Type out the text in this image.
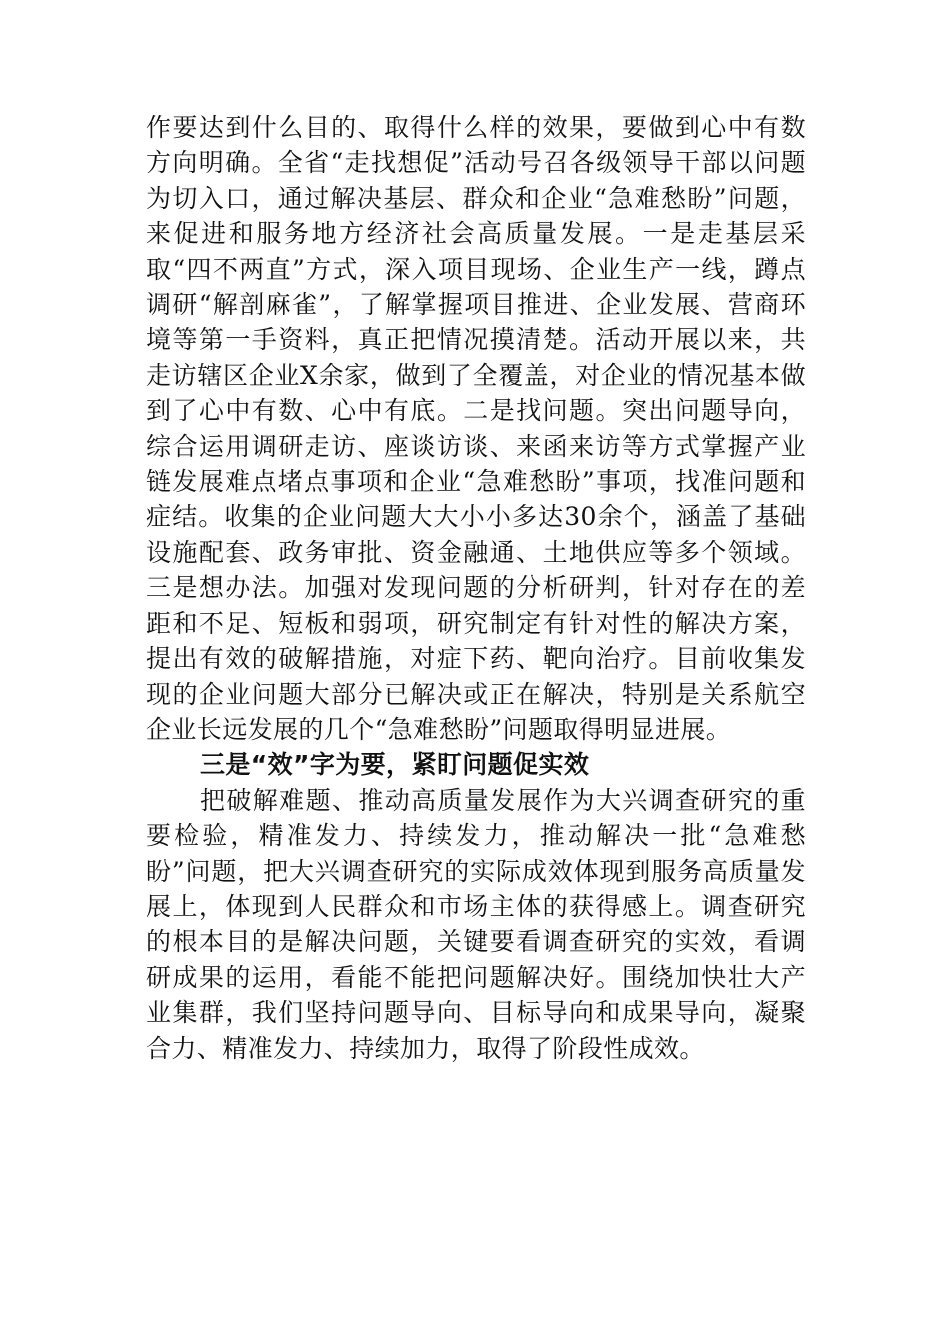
作要达到什么目的、取得什么样的效果，要做到心中有数方向明确。全省“走找想促”活动号召各级领导干部以问题为切入口，通过解决基层、群众和企业“急难愁盼”问题，来促进和服务地方经济社会高质量发展。一是走基层采取“四不两直”方式，深入项目现场、企业生产一线，蹲点调研“解剖麻雀”，了解掌握项目推进、企业发展、营商环境等第一手资料，真正把情况摸清楚。活动开展以来，共走访辖区企业X余家，做到了全覆盖，对企业的情况基本做到了心中有数、心中有底。二是找问题。突出问题导向，综合运用调研走访、座谈访谈、来函来访等方式掌握产业链发展难点堵点事项和企业“急难愁盼”事项，找准问题和症结。收集的企业问题大大小小多达30余个，涵盖了基础设施配套、政务审批、资金融通、土地供应等多个领域。三是想办法。加强对发现问题的分析研判，针对存在的差距和不足、短板和弱项，研究制定有针对性的解决方案，提出有效的破解措施，对症下药、靶向治疗。目前收集发现的企业问题大部分已解决或正在解决，特别是关系航空企业长远发展的几个“急难愁盼”问题取得明显进展。

三是“效”字为要，紧盯问题促实效

把破解难题、推动高质量发展作为大兴调查研究的重要检验，精准发力、持续发力，推动解决一批“急难愁盼”问题，把大兴调查研究的实际成效体现到服务高质量发展上，体现到人民群众和市场主体的获得感上。调查研究的根本目的是解决问题，关键要看调查研究的实效，看调研成果的运用，看能不能把问题解决好。围绕加快壮大产业集群，我们坚持问题导向、目标导向和成果导向，凝聚合力、精准发力、持续加力，取得了阶段性成效。
